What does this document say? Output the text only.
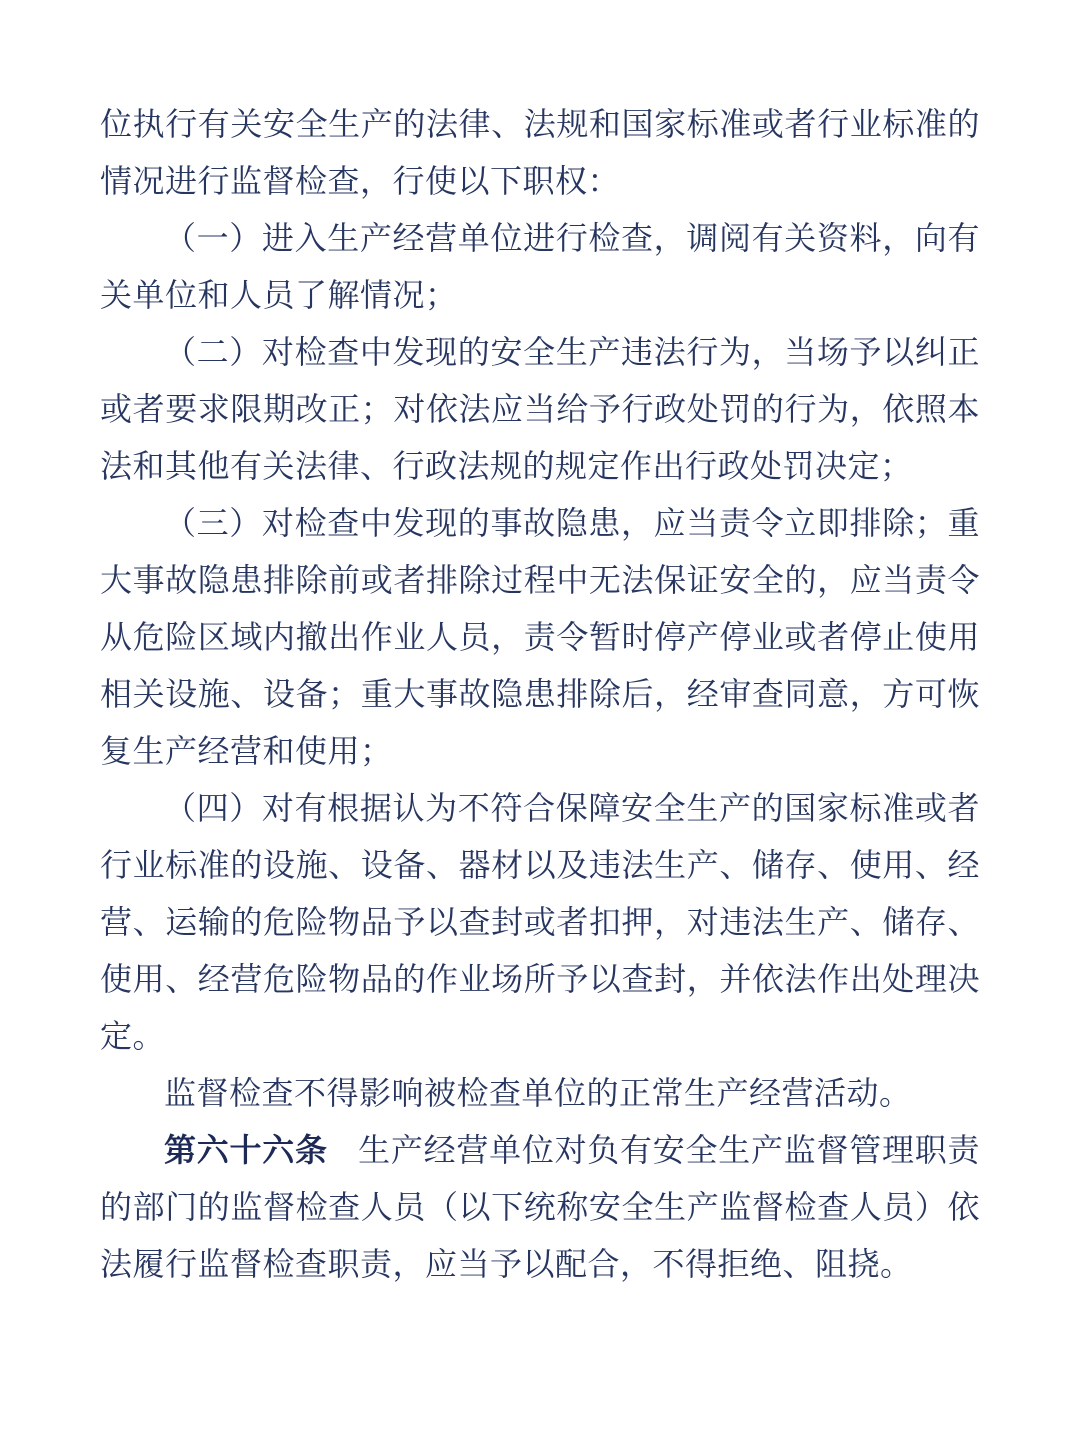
位执行有关安全生产的法律、法规和国家标准或者行业标准的情况进行监督检查，行使以下职权：

（一）进入生产经营单位进行检查，调阅有关资料，向有关单位和人员了解情况；

（二）对检查中发现的安全生产违法行为，当场予以纠正或者要求限期改正；对依法应当给予行政处罚的行为，依照本法和其他有关法律、行政法规的规定作出行政处罚决定；

（三）对检查中发现的事故隐患，应当责令立即排除；重大事故隐患排除前或者排除过程中无法保证安全的，应当责令从危险区域内撤出作业人员，责令暂时停产停业或者停止使用相关设施、设备；重大事故隐患排除后，经审查同意，方可恢复生产经营和使用；

（四）对有根据认为不符合保障安全生产的国家标准或者行业标准的设施、设备、器材以及违法生产、储存、使用、经营、运输的危险物品予以查封或者扣押，对违法生产、储存、使用、经营危险物品的作业场所予以查封，并依法作出处理决定。

监督检查不得影响被检查单位的正常生产经营活动。

第六十六条 生产经营单位对负有安全生产监督管理职责的部门的监督检查人员（以下统称安全生产监督检查人员）依法履行监督检查职责，应当予以配合，不得拒绝、阻挠。
